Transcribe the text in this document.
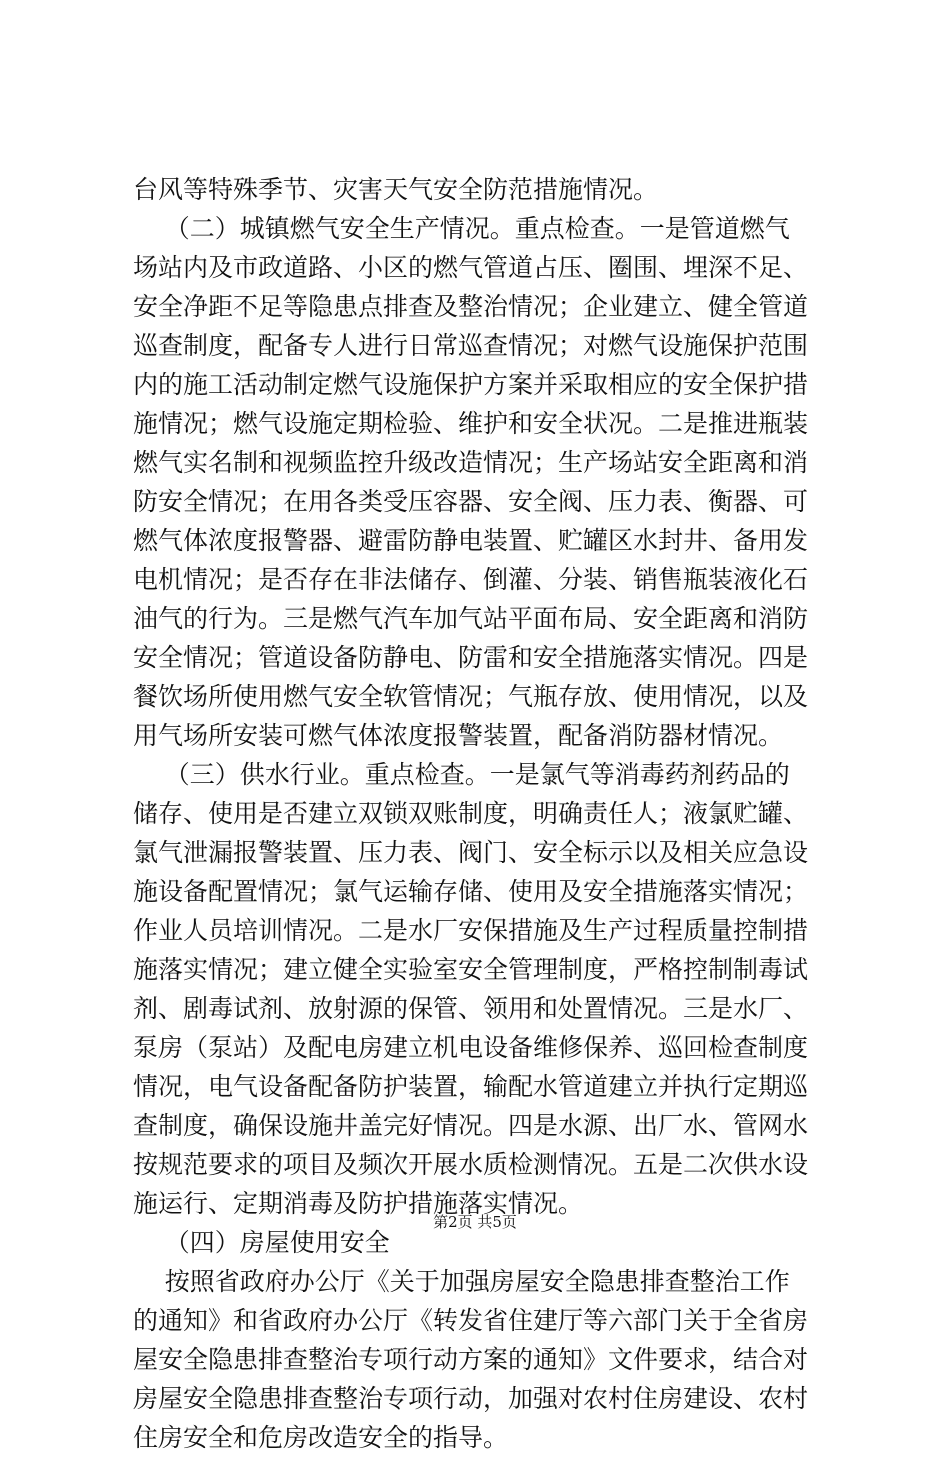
台风等特殊季节、灾害天气安全防范措施情况。
（二）城镇燃气安全生产情况。重点检查。一是管道燃气
场站内及市政道路、小区的燃气管道占压、圈围、埋深不足、
安全净距不足等隐患点排查及整治情况；企业建立、健全管道
巡查制度，配备专人进行日常巡查情况；对燃气设施保护范围
内的施工活动制定燃气设施保护方案并采取相应的安全保护措
施情况；燃气设施定期检验、维护和安全状况。二是推进瓶装
燃气实名制和视频监控升级改造情况；生产场站安全距离和消
防安全情况；在用各类受压容器、安全阀、压力表、衡器、可
燃气体浓度报警器、避雷防静电装置、贮罐区水封井、备用发
电机情况；是否存在非法储存、倒灌、分装、销售瓶装液化石
油气的行为。三是燃气汽车加气站平面布局、安全距离和消防
安全情况；管道设备防静电、防雷和安全措施落实情况。四是
餐饮场所使用燃气安全软管情况；气瓶存放、使用情况，以及
用气场所安装可燃气体浓度报警装置，配备消防器材情况。
（三）供水行业。重点检查。一是氯气等消毒药剂药品的
储存、使用是否建立双锁双账制度，明确责任人；液氯贮罐、
氯气泄漏报警装置、压力表、阀门、安全标示以及相关应急设
施设备配置情况；氯气运输存储、使用及安全措施落实情况；
作业人员培训情况。二是水厂安保措施及生产过程质量控制措
施落实情况；建立健全实验室安全管理制度，严格控制制毒试
剂、剧毒试剂、放射源的保管、领用和处置情况。三是水厂、
泵房（泵站）及配电房建立机电设备维修保养、巡回检查制度
情况，电气设备配备防护装置，输配水管道建立并执行定期巡
查制度，确保设施井盖完好情况。四是水源、出厂水、管网水
按规范要求的项目及频次开展水质检测情况。五是二次供水设
施运行、定期消毒及防护措施落实情况。
（四）房屋使用安全
按照省政府办公厅《关于加强房屋安全隐患排查整治工作
的通知》和省政府办公厅《转发省住建厅等六部门关于全省房
屋安全隐患排查整治专项行动方案的通知》文件要求，结合对
房屋安全隐患排查整治专项行动，加强对农村住房建设、农村
住房安全和危房改造安全的指导。
第2页 共5页
